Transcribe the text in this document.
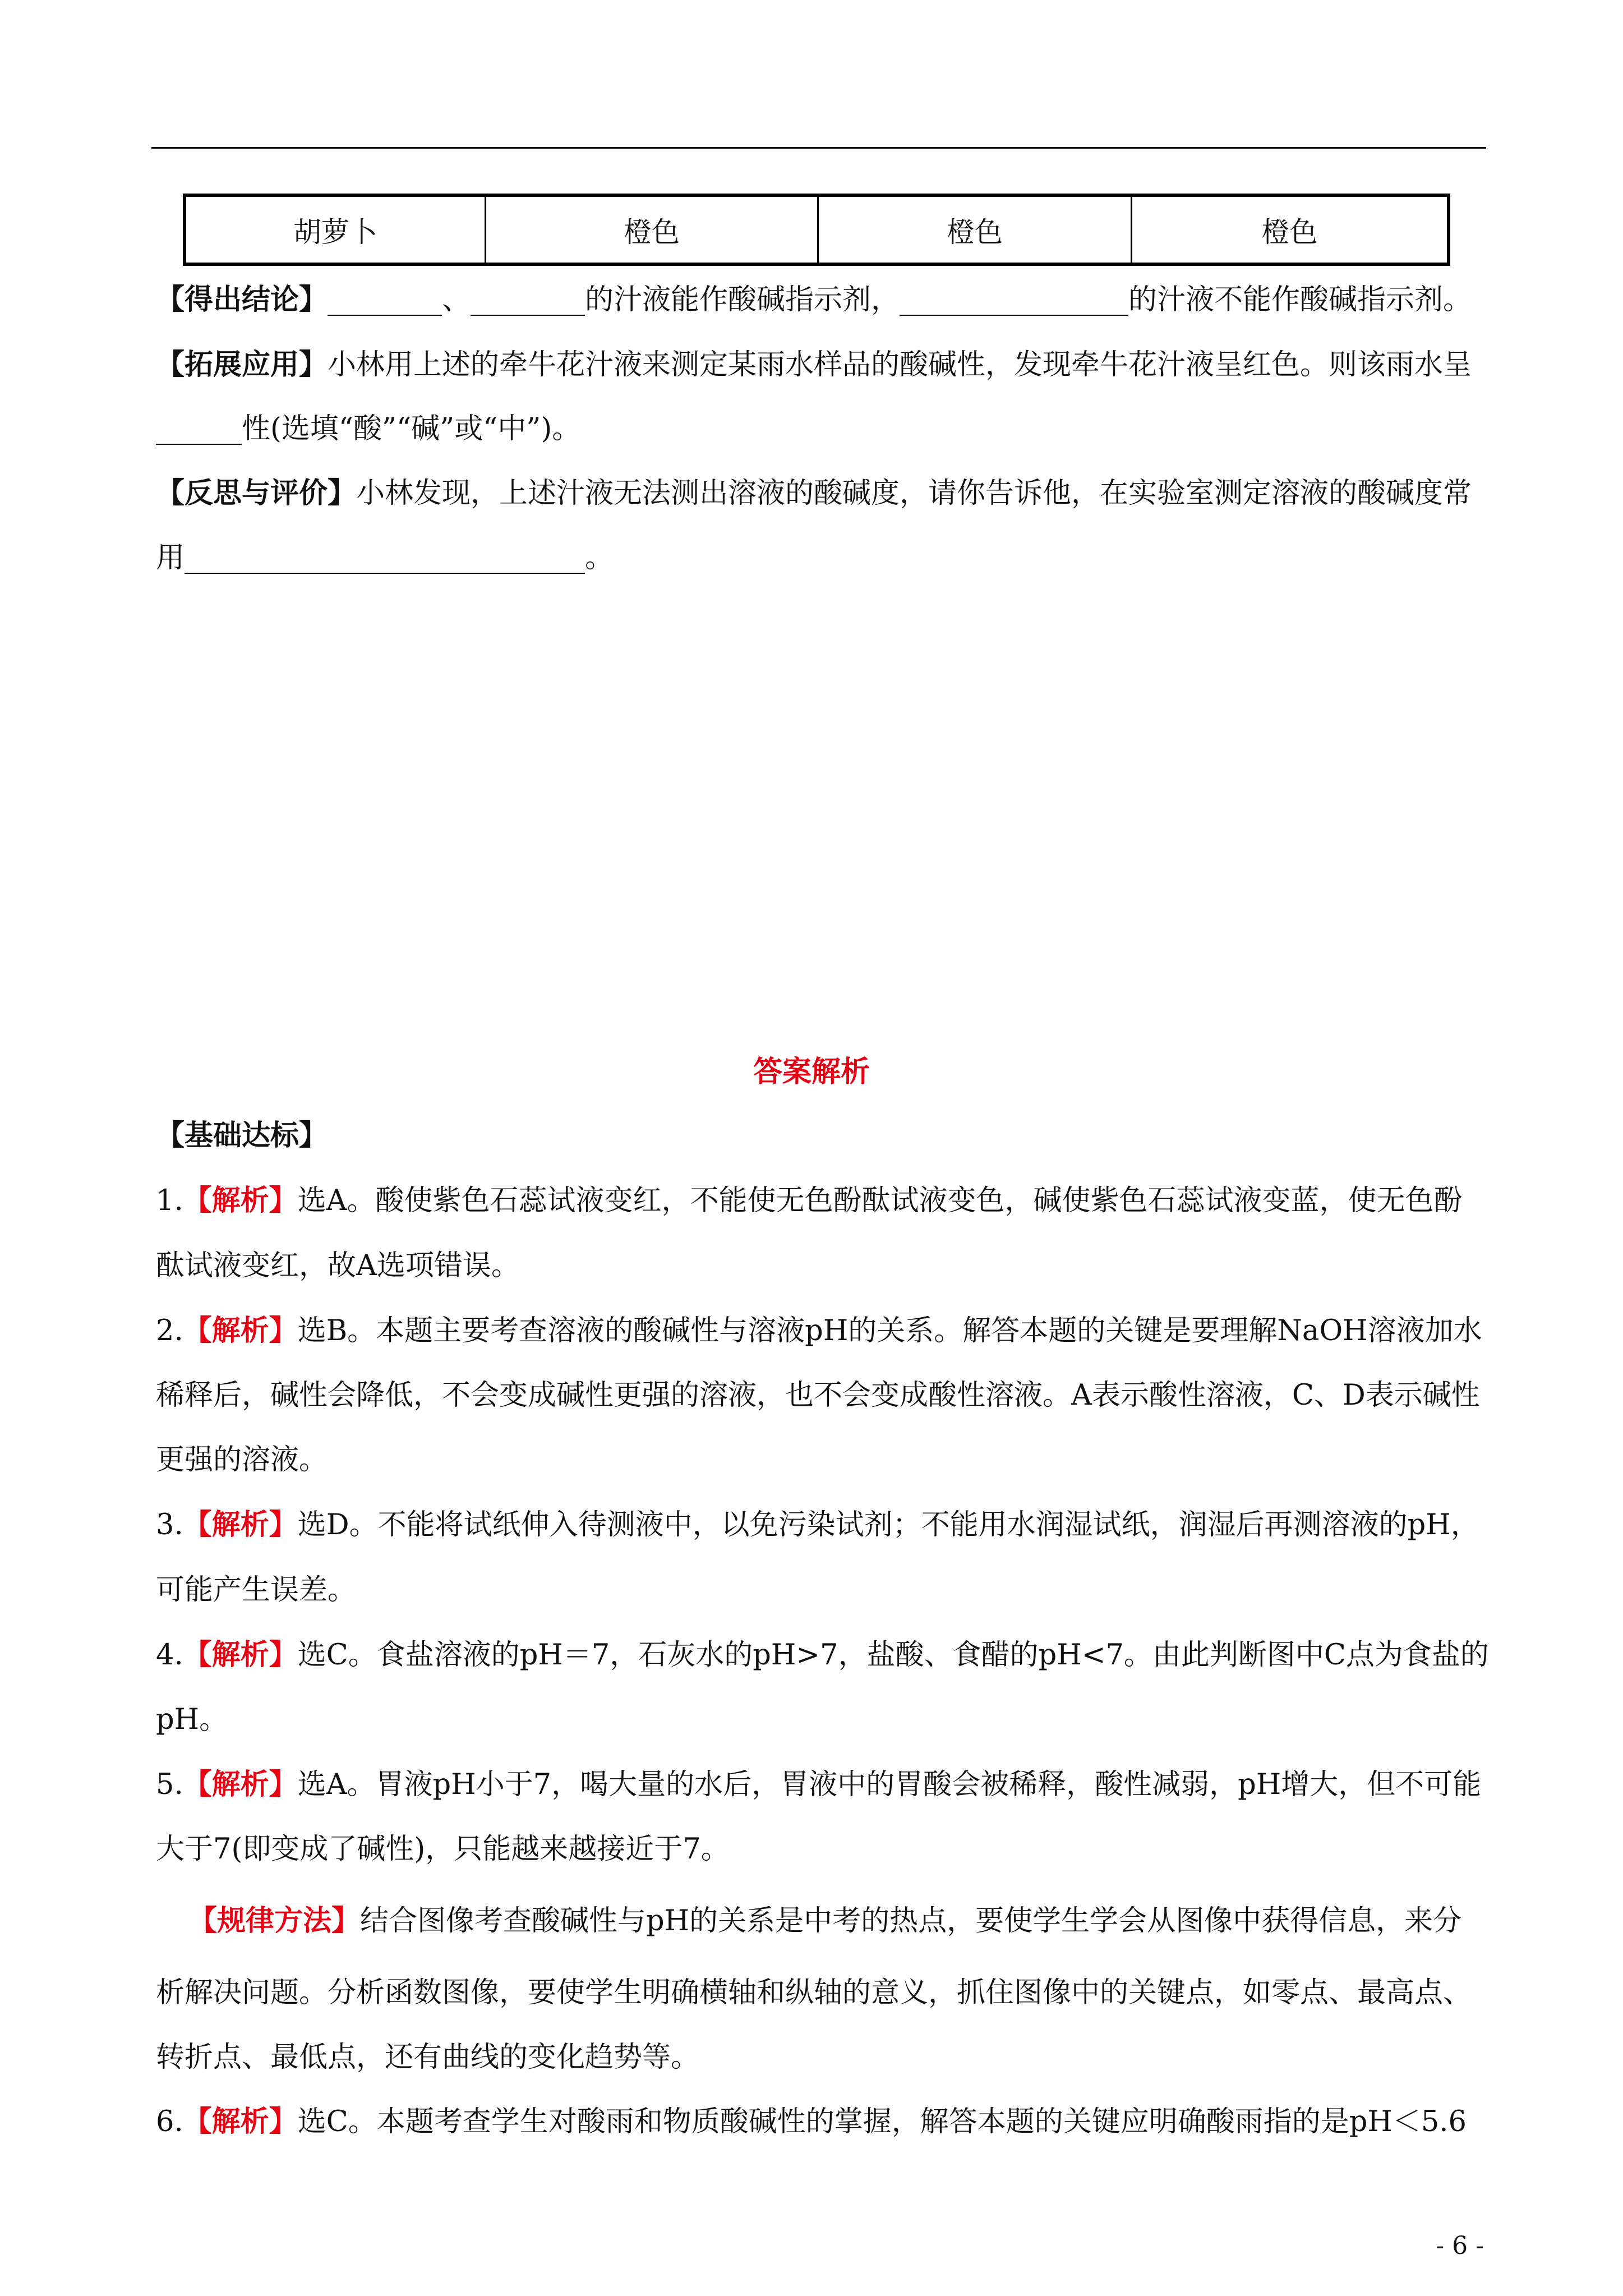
胡萝卜	橙色	橙色	橙色
【得出结论】________、________的汁液能作酸碱指示剂，________________的汁液不能作酸碱指示剂。
【拓展应用】小林用上述的牵牛花汁液来测定某雨水样品的酸碱性，发现牵牛花汁液呈红色。则该雨水呈
______性(选填“酸”“碱”或“中”)。
【反思与评价】小林发现，上述汁液无法测出溶液的酸碱度，请你告诉他，在实验室测定溶液的酸碱度常
用____________________________。
答案解析
【基础达标】
1.【解析】选A。酸使紫色石蕊试液变红，不能使无色酚酞试液变色，碱使紫色石蕊试液变蓝，使无色酚
酞试液变红，故A选项错误。
2.【解析】选B。本题主要考查溶液的酸碱性与溶液pH的关系。解答本题的关键是要理解NaOH溶液加水
稀释后，碱性会降低，不会变成碱性更强的溶液，也不会变成酸性溶液。A表示酸性溶液，C、D表示碱性
更强的溶液。
3.【解析】选D。不能将试纸伸入待测液中，以免污染试剂；不能用水润湿试纸，润湿后再测溶液的pH，
可能产生误差。
4.【解析】选C。食盐溶液的pH＝7，石灰水的pH>7，盐酸、食醋的pH<7。由此判断图中C点为食盐的
pH。
5.【解析】选A。胃液pH小于7，喝大量的水后，胃液中的胃酸会被稀释，酸性减弱，pH增大，但不可能
大于7(即变成了碱性)，只能越来越接近于7。
【规律方法】结合图像考查酸碱性与pH的关系是中考的热点，要使学生学会从图像中获得信息，来分
析解决问题。分析函数图像，要使学生明确横轴和纵轴的意义，抓住图像中的关键点，如零点、最高点、
转折点、最低点，还有曲线的变化趋势等。
6.【解析】选C。本题考查学生对酸雨和物质酸碱性的掌握，解答本题的关键应明确酸雨指的是pH＜5.6
- 6 -
